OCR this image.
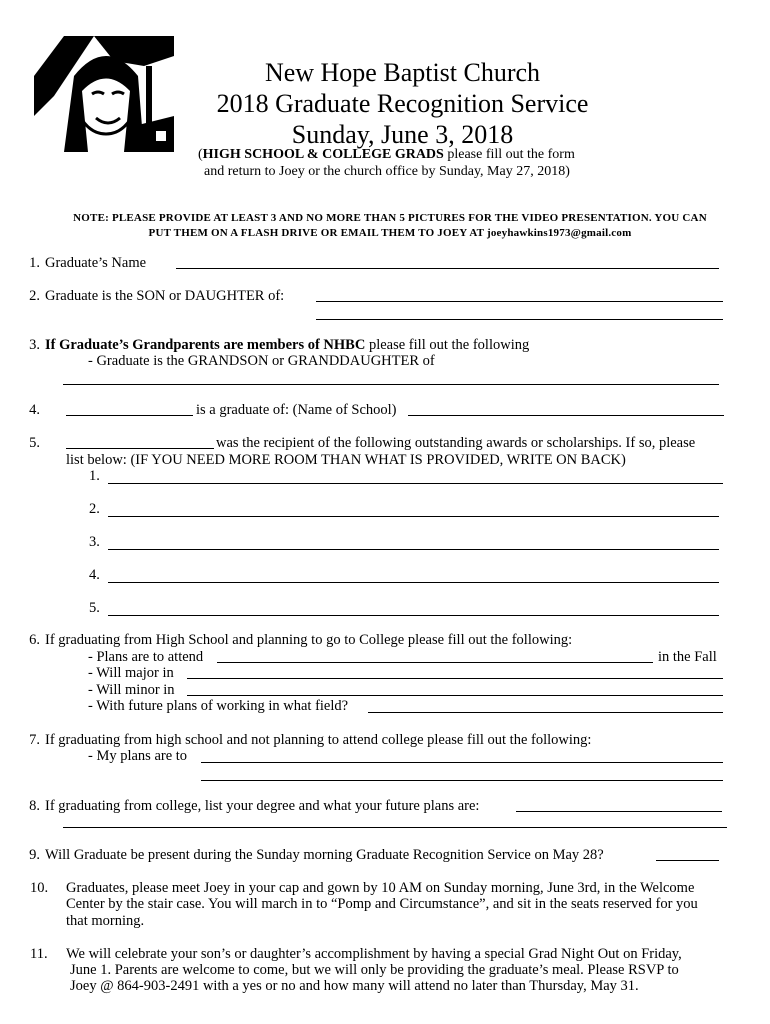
New Hope Baptist Church
2018 Graduate Recognition Service
Sunday, June 3, 2018
(HIGH SCHOOL & COLLEGE GRADS please fill out the form
and return to Joey or the church office by Sunday, May 27, 2018)
NOTE: PLEASE PROVIDE AT LEAST 3 AND NO MORE THAN 5 PICTURES FOR THE VIDEO PRESENTATION. YOU CAN
PUT THEM ON A FLASH DRIVE OR EMAIL THEM TO JOEY AT joeyhawkins1973@gmail.com
1. Graduate’s Name
2. Graduate is the SON or DAUGHTER of:
3. If Graduate’s Grandparents are members of NHBC please fill out the following
- Graduate is the GRANDSON or GRANDDAUGHTER of
4.	is a graduate of: (Name of School)
5.	was the recipient of the following outstanding awards or scholarships. If so, please
list below: (IF YOU NEED MORE ROOM THAN WHAT IS PROVIDED, WRITE ON BACK)
1.
2.
3.
4.
5.
6. If graduating from High School and planning to go to College please fill out the following:
- Plans are to attend	in the Fall
- Will major in
- Will minor in
- With future plans of working in what field?
7. If graduating from high school and not planning to attend college please fill out the following:
- My plans are to
8. If graduating from college, list your degree and what your future plans are:
9. Will Graduate be present during the Sunday morning Graduate Recognition Service on May 28?
10. Graduates, please meet Joey in your cap and gown by 10 AM on Sunday morning, June 3rd, in the Welcome
Center by the stair case. You will march in to “Pomp and Circumstance”, and sit in the seats reserved for you
that morning.
11. We will celebrate your son’s or daughter’s accomplishment by having a special Grad Night Out on Friday,
June 1. Parents are welcome to come, but we will only be providing the graduate’s meal. Please RSVP to
Joey @ 864-903-2491 with a yes or no and how many will attend no later than Thursday, May 31.
